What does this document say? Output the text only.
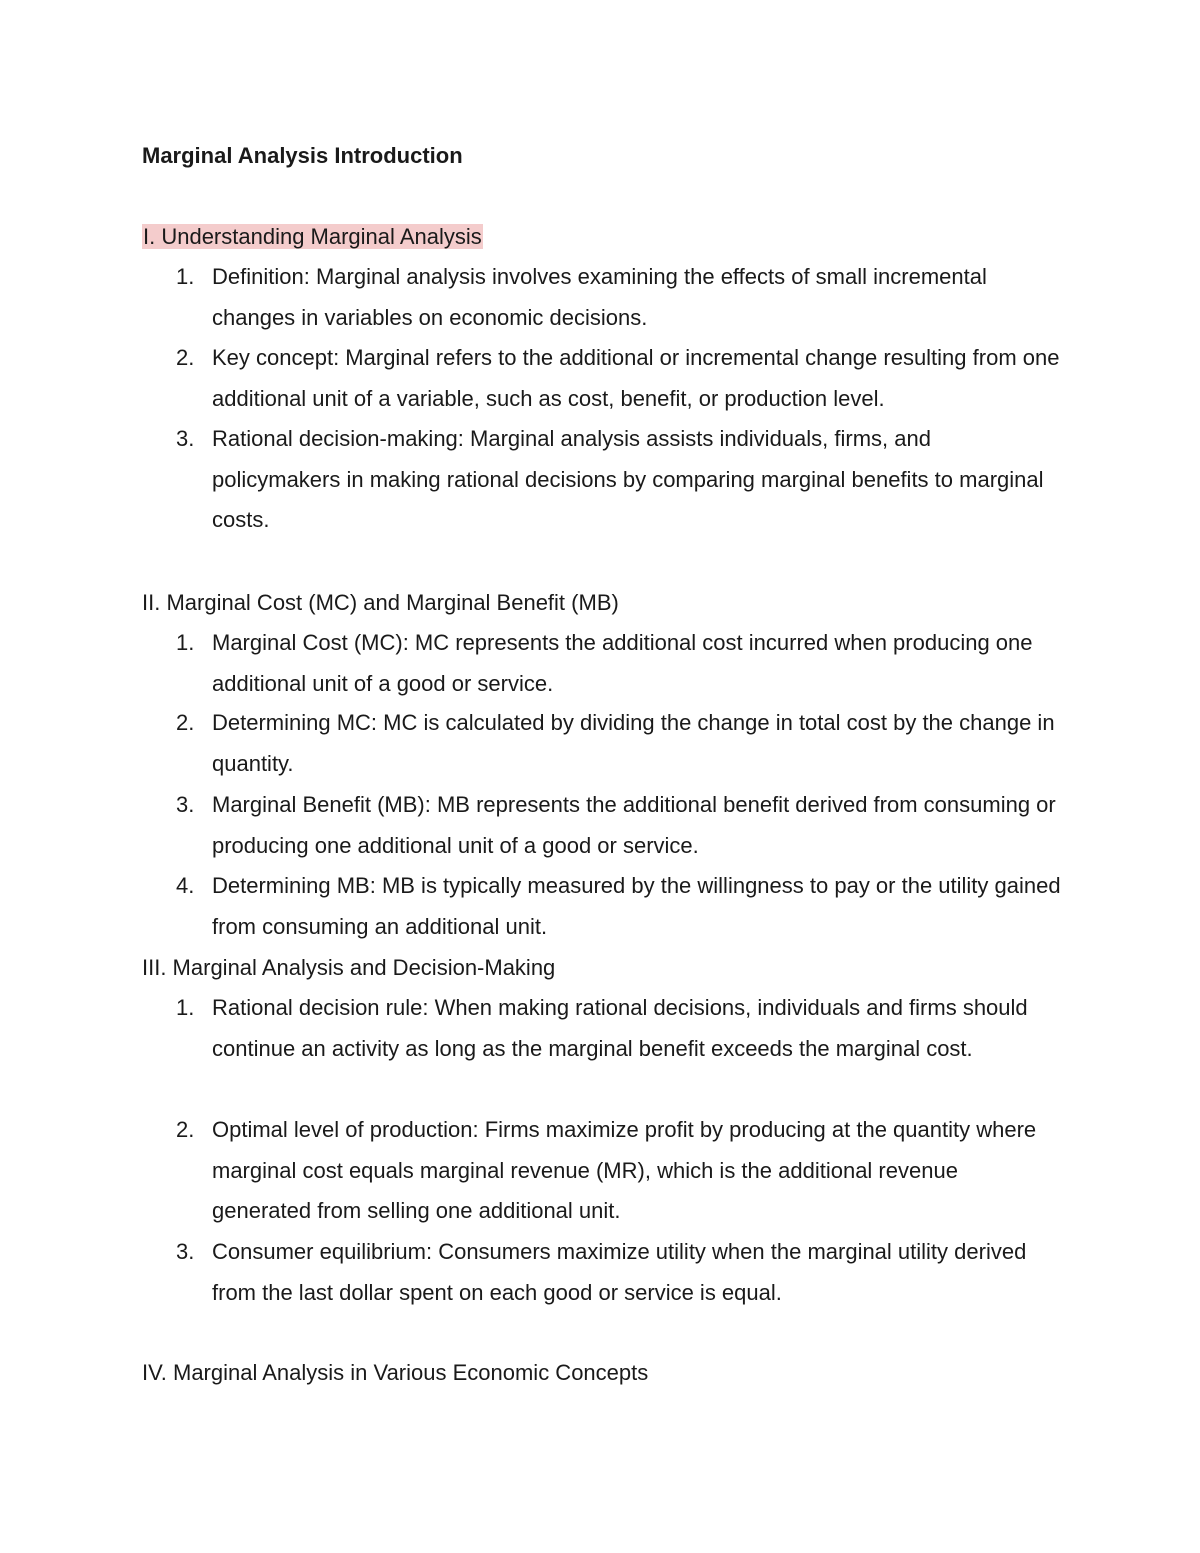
Marginal Analysis Introduction
I. Understanding Marginal Analysis
1. Definition: Marginal analysis involves examining the effects of small incremental changes in variables on economic decisions.
2. Key concept: Marginal refers to the additional or incremental change resulting from one additional unit of a variable, such as cost, benefit, or production level.
3. Rational decision-making: Marginal analysis assists individuals, firms, and policymakers in making rational decisions by comparing marginal benefits to marginal costs.
II. Marginal Cost (MC) and Marginal Benefit (MB)
1. Marginal Cost (MC): MC represents the additional cost incurred when producing one additional unit of a good or service.
2. Determining MC: MC is calculated by dividing the change in total cost by the change in quantity.
3. Marginal Benefit (MB): MB represents the additional benefit derived from consuming or producing one additional unit of a good or service.
4. Determining MB: MB is typically measured by the willingness to pay or the utility gained from consuming an additional unit.
III. Marginal Analysis and Decision-Making
1. Rational decision rule: When making rational decisions, individuals and firms should continue an activity as long as the marginal benefit exceeds the marginal cost.
2. Optimal level of production: Firms maximize profit by producing at the quantity where marginal cost equals marginal revenue (MR), which is the additional revenue generated from selling one additional unit.
3. Consumer equilibrium: Consumers maximize utility when the marginal utility derived from the last dollar spent on each good or service is equal.
IV. Marginal Analysis in Various Economic Concepts
